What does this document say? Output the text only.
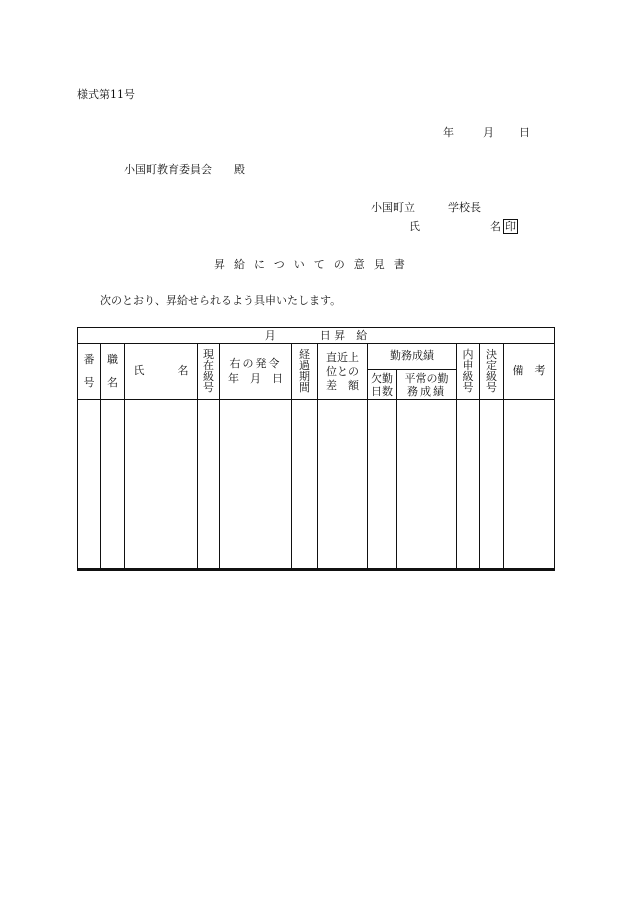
様式第11号
年	月 日
小国町教育委員会　　殿
小国町立　　　学校長
氏	名 印
昇給についての意見書
次のとおり、昇給せられるよう具申いたします。
月　　　　日 昇　給
番
号
職
名
氏　　　名
現
在
級
号
右の発令
年　月　日
経
過
期
間
直近上
位との
差　額
勤務成績
欠勤
日数
平常の勤
務成績
内
申
級
号
決
定
級
号
備　考
